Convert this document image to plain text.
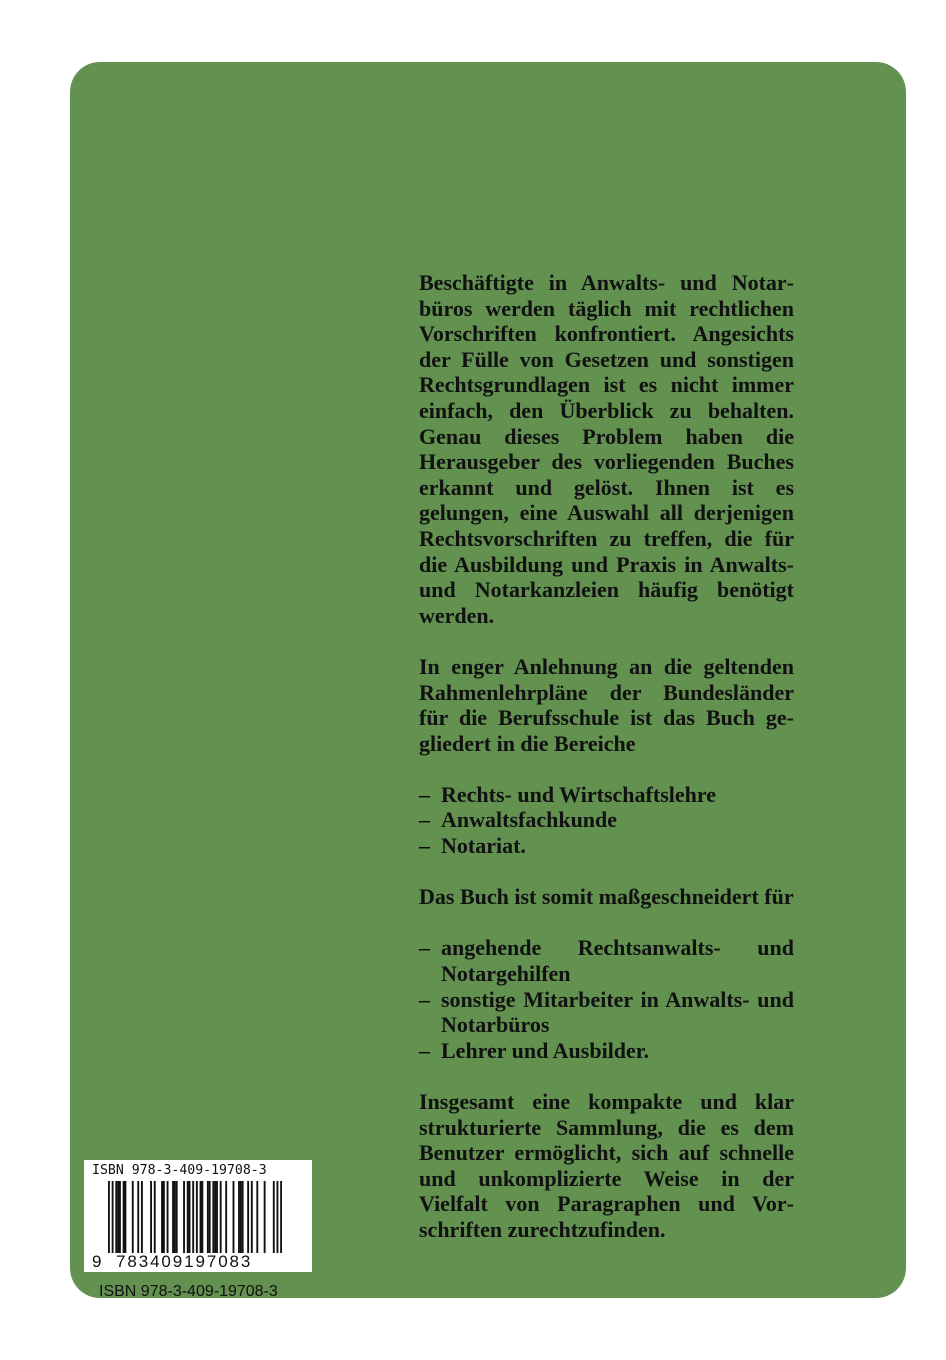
Beschäftigte in Anwalts- und Notarbüros werden täglich mit rechtlichen Vorschriften konfrontiert. Angesichts der Fülle von Gesetzen und sonstigen Rechtsgrundlagen ist es nicht immer einfach, den Überblick zu behalten. Genau dieses Problem haben die Herausgeber des vorliegenden Buches erkannt und gelöst. Ihnen ist es gelungen, eine Auswahl all derjenigen Rechtsvorschriften zu treffen, die für die Ausbildung und Praxis in Anwalts- und Notarkanzleien häufig benötigt werden.

In enger Anlehnung an die geltenden Rahmenlehrpläne der Bundesländer für die Berufsschule ist das Buch gegliedert in die Bereiche

– Rechts- und Wirtschaftslehre
– Anwaltsfachkunde
– Notariat.

Das Buch ist somit maßgeschneidert für

– angehende Rechtsanwalts- und Notargehilfen
– sonstige Mitarbeiter in Anwalts- und Notarbüros
– Lehrer und Ausbilder.

Insgesamt eine kompakte und klar strukturierte Sammlung, die es dem Benutzer ermöglicht, sich auf schnelle und unkomplizierte Weise in der Vielfalt von Paragraphen und Vorschriften zurechtzufinden.

ISBN 978-3-409-19708-3
9 783409197083
ISBN 978-3-409-19708-3
